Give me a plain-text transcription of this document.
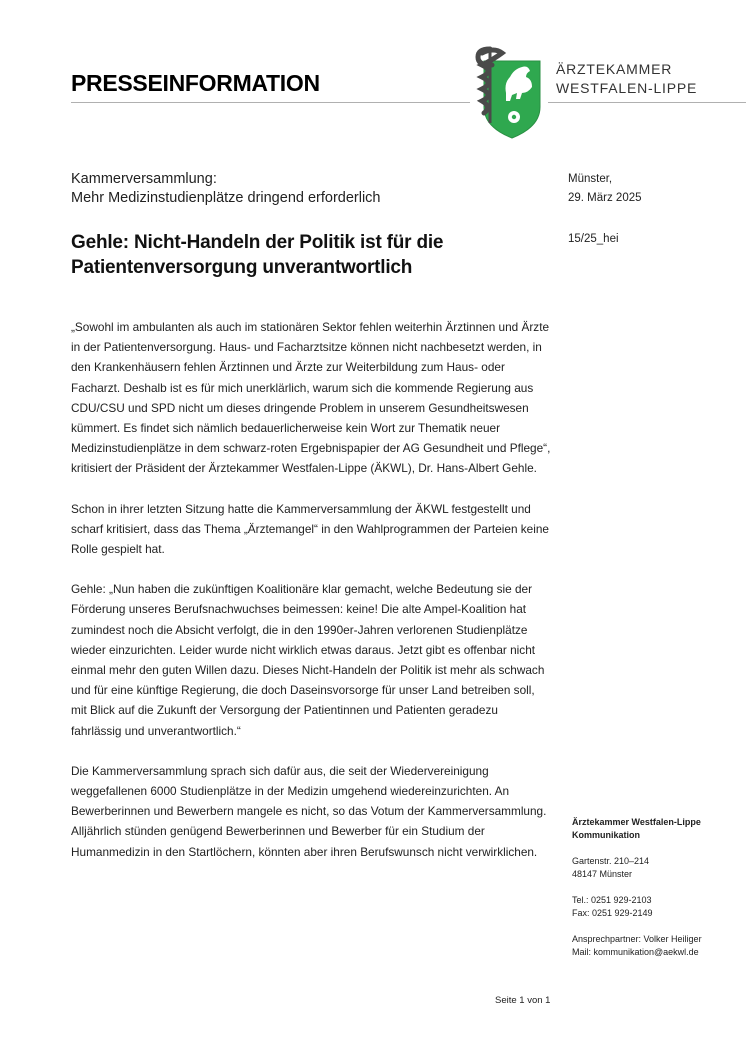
PRESSEINFORMATION
ÄRZTEKAMMER
WESTFALEN-LIPPE
Kammerversammlung:
Mehr Medizinstudienplätze dringend erforderlich
Gehle: Nicht-Handeln der Politik ist für die Patientenversorgung unverantwortlich
Münster,
29. März 2025
15/25_hei

„Sowohl im ambulanten als auch im stationären Sektor fehlen weiterhin Ärztinnen und Ärzte in der Patientenversorgung. Haus- und Facharztsitze können nicht nachbesetzt werden, in den Krankenhäusern fehlen Ärztinnen und Ärzte zur Weiterbildung zum Haus- oder Facharzt. Deshalb ist es für mich unerklärlich, warum sich die kommende Regierung aus CDU/CSU und SPD nicht um dieses dringende Problem in unserem Gesundheitswesen kümmert. Es findet sich nämlich bedauerlicherweise kein Wort zur Thematik neuer Medizinstudienplätze in dem schwarz-roten Ergebnispapier der AG Gesundheit und Pflege“, kritisiert der Präsident der Ärztekammer Westfalen-Lippe (ÄKWL), Dr. Hans-Albert Gehle.

Schon in ihrer letzten Sitzung hatte die Kammerversammlung der ÄKWL festgestellt und scharf kritisiert, dass das Thema „Ärztemangel“ in den Wahlprogrammen der Parteien keine Rolle gespielt hat.

Gehle: „Nun haben die zukünftigen Koalitionäre klar gemacht, welche Bedeutung sie der Förderung unseres Berufsnachwuchses beimessen: keine! Die alte Ampel-Koalition hat zumindest noch die Absicht verfolgt, die in den 1990er-Jahren verlorenen Studienplätze wieder einzurichten. Leider wurde nicht wirklich etwas daraus. Jetzt gibt es offenbar nicht einmal mehr den guten Willen dazu. Dieses Nicht-Handeln der Politik ist mehr als schwach und für eine künftige Regierung, die doch Daseinsvorsorge für unser Land betreiben soll, mit Blick auf die Zukunft der Versorgung der Patientinnen und Patienten geradezu fahrlässig und unverantwortlich.“

Die Kammerversammlung sprach sich dafür aus, die seit der Wiedervereinigung weggefallenen 6000 Studienplätze in der Medizin umgehend wiedereinzurichten. An Bewerberinnen und Bewerbern mangele es nicht, so das Votum der Kammerversammlung. Alljährlich stünden genügend Bewerberinnen und Bewerber für ein Studium der Humanmedizin in den Startlöchern, könnten aber ihren Berufswunsch nicht verwirklichen.

Ärztekammer Westfalen-Lippe
Kommunikation
Gartenstr. 210–214
48147 Münster
Tel.: 0251 929-2103
Fax: 0251 929-2149
Ansprechpartner: Volker Heiliger
Mail: kommunikation@aekwl.de
Seite 1 von 1
